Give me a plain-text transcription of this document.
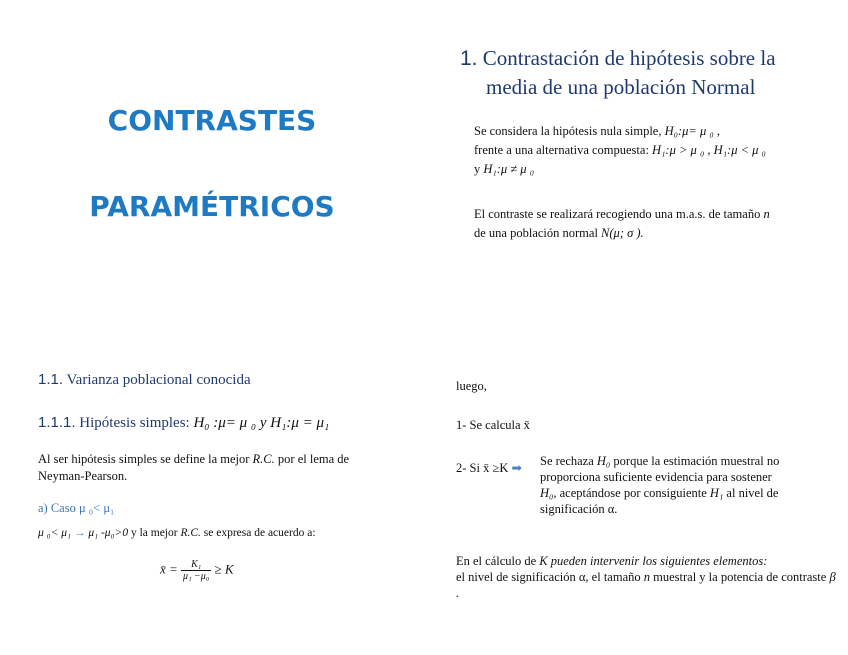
CONTRASTES
PARAMÉTRICOS
1. Contrastación de hipótesis sobre la
media de una población Normal
Se considera la hipótesis nula simple, H₀:μ= μ ₀ ,
frente a una alternativa compuesta: H₁:μ > μ ₀ , H₁:μ < μ ₀
y H₁:μ ≠ μ ₀
El contraste se realizará recogiendo una m.a.s. de tamaño n
de una población normal N(μ; σ ).
1.1. Varianza poblacional conocida
1.1.1. Hipótesis simples: H₀ :μ= μ ₀ y H₁:μ = μ₁
Al ser hipótesis simples se define la mejor R.C. por el lema de Neyman-Pearson.
a) Caso μ ₀< μ₁
μ ₀< μ₁ → μ₁ -μ₀>0 y la mejor R.C. se expresa de acuerdo a:
x̄ = $\frac{\text{K₁}}{\text{μ₁ −μ₀}} \ge K$
luego,
1- Se calcula x̄
2- Si x̄ ≥K ➡ Se rechaza H₀ porque la estimación muestral no proporciona suficiente evidencia para sostener
H₀, aceptándose por consiguiente H₁ al nivel de significación α.
En el cálculo de K pueden intervenir los siguientes elementos:
el nivel de significación α, el tamaño n muestral y la potencia de contraste β .
